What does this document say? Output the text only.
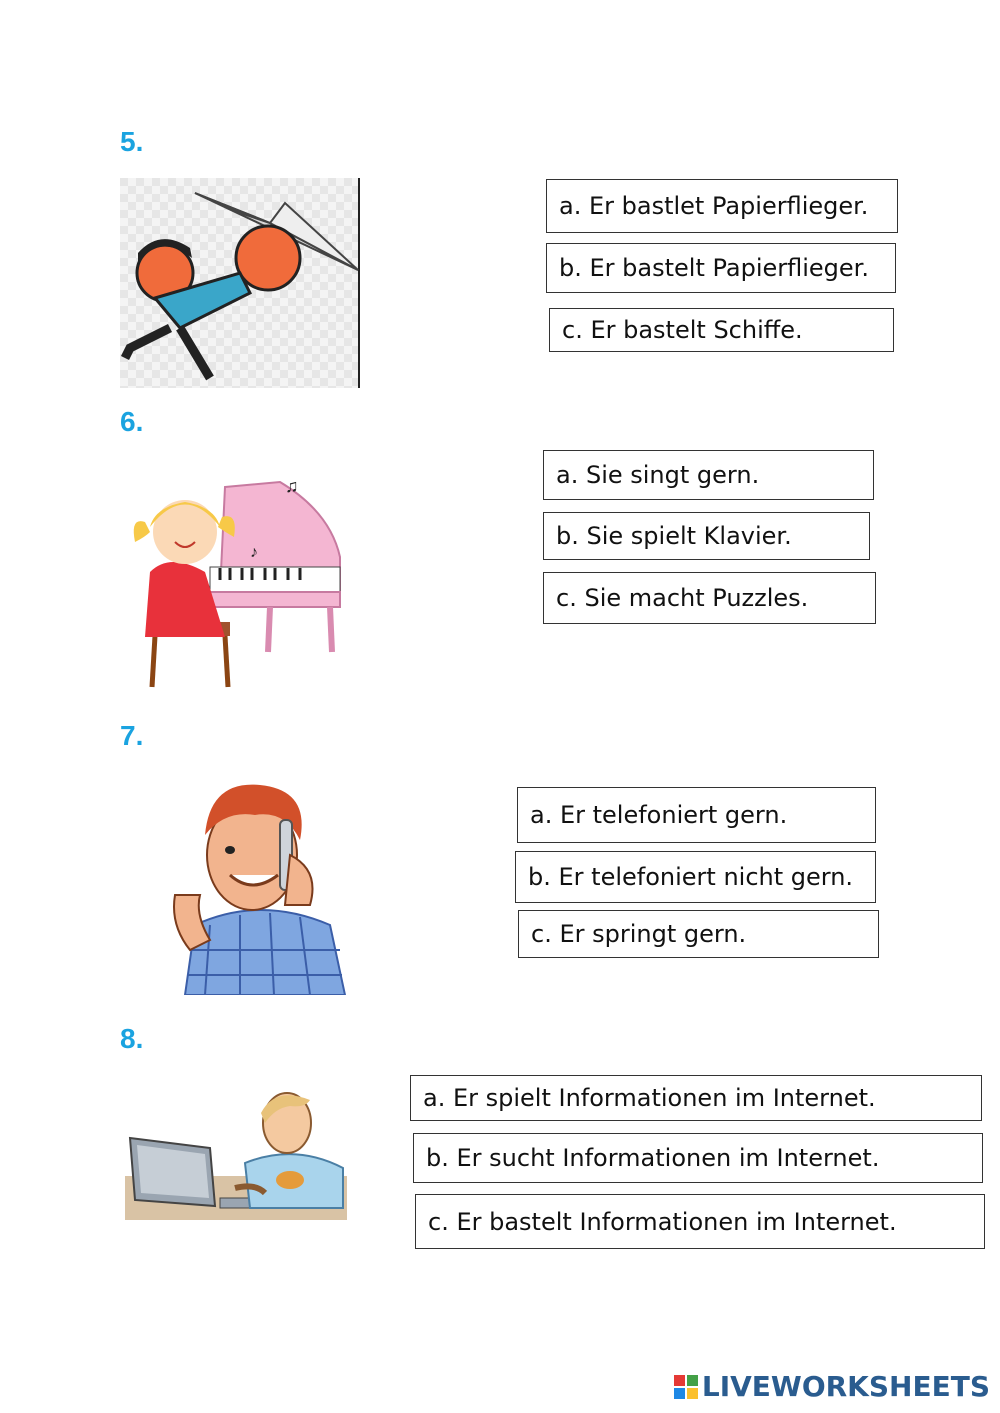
5.
a. Er bastlet Papierflieger.
b. Er bastelt Papierflieger.
c. Er bastelt Schiffe.
6.
♫
♪
a. Sie singt gern.
b. Sie spielt Klavier.
c. Sie macht Puzzles.
7.
a. Er telefoniert gern.
b. Er telefoniert nicht gern.
c. Er springt gern.
8.
a. Er spielt Informationen im Internet.
b. Er sucht Informationen im Internet.
c. Er bastelt Informationen im Internet.
LIVEWORKSHEETS
